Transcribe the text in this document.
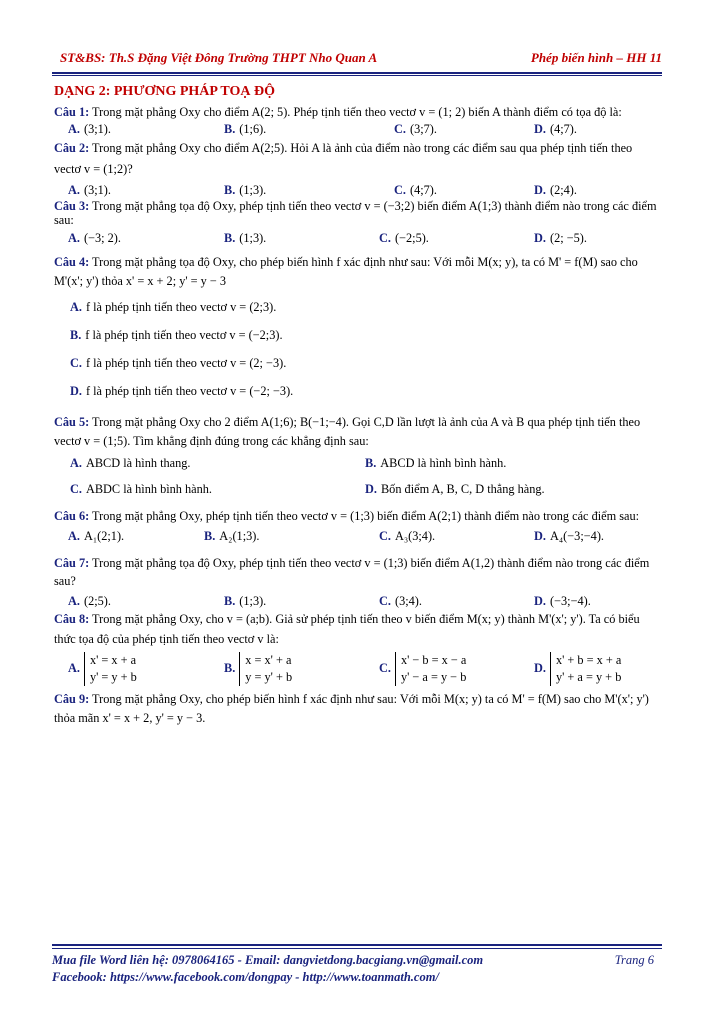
ST&BS: Th.S Đặng Việt Đông Trường THPT Nho Quan A	Phép biến hình – HH 11
DẠNG 2: PHƯƠNG PHÁP TOẠ ĐỘ
Câu 1: Trong mặt phẳng Oxy cho điểm A(2; 5). Phép tịnh tiến theo vectơ v = (1; 2) biến A thành điểm có tọa độ là:
A. (3;1).	B. (1;6).	C. (3;7).	D. (4;7).
Câu 2: Trong mặt phẳng Oxy cho điểm A(2;5). Hỏi A là ảnh của điểm nào trong các điểm sau qua phép tịnh tiến theo vectơ v = (1;2)?
A. (3;1).	B. (1;3).	C. (4;7).	D. (2;4).
Câu 3: Trong mặt phẳng tọa độ Oxy, phép tịnh tiến theo vectơ v = (−3;2) biến điểm A(1;3) thành điểm nào trong các điểm sau:
A. (−3; 2).	B. (1;3).	C. (−2;5).	D. (2; −5).
Câu 4: Trong mặt phẳng tọa độ Oxy, cho phép biến hình f xác định như sau: Với mỗi M(x; y), ta có M' = f(M) sao cho M'(x'; y') thỏa x' = x + 2; y' = y − 3
A. f là phép tịnh tiến theo vectơ v = (2;3).
B. f là phép tịnh tiến theo vectơ v = (−2;3).
C. f là phép tịnh tiến theo vectơ v = (2; −3).
D. f là phép tịnh tiến theo vectơ v = (−2; −3).
Câu 5: Trong mặt phẳng Oxy cho 2 điểm A(1;6); B(−1;−4). Gọi C,D lần lượt là ảnh của A và B qua phép tịnh tiến theo vectơ v = (1;5). Tìm khẳng định đúng trong các khẳng định sau:
A. ABCD là hình thang.	B. ABCD là hình bình hành.
C. ABDC là hình bình hành.	D. Bốn điểm A, B, C, D thẳng hàng.
Câu 6: Trong mặt phẳng Oxy, phép tịnh tiến theo vectơ v = (1;3) biến điểm A(2;1) thành điểm nào trong các điểm sau:
A. A₁(2;1).	B. A₂(1;3).	C. A₃(3;4).	D. A₄(−3;−4).
Câu 7: Trong mặt phẳng tọa độ Oxy, phép tịnh tiến theo vectơ v = (1;3) biến điểm A(1,2) thành điểm nào trong các điểm sau?
A. (2;5).	B. (1;3).	C. (3;4).	D. (−3;−4).
Câu 8: Trong mặt phẳng Oxy, cho v = (a;b). Giả sử phép tịnh tiến theo v biến điểm M(x; y) thành M'(x'; y'). Ta có biểu thức tọa độ của phép tịnh tiến theo vectơ v là:
A.x' = x + a
y' = y + b
B.x = x' + a
y = y' + b
C.x' − b = x − a
y' − a = y − b
D.x' + b = x + a
y' + a = y + b
Câu 9: Trong mặt phẳng Oxy, cho phép biến hình f xác định như sau: Với mỗi M(x; y) ta có M' = f(M) sao cho M'(x'; y') thỏa mãn x' = x + 2, y' = y − 3.
Mua file Word liên hệ: 0978064165 - Email: dangvietdong.bacgiang.vn@gmail.com
Facebook: https://www.facebook.com/dongpay - http://www.toanmath.com/
Trang 6
